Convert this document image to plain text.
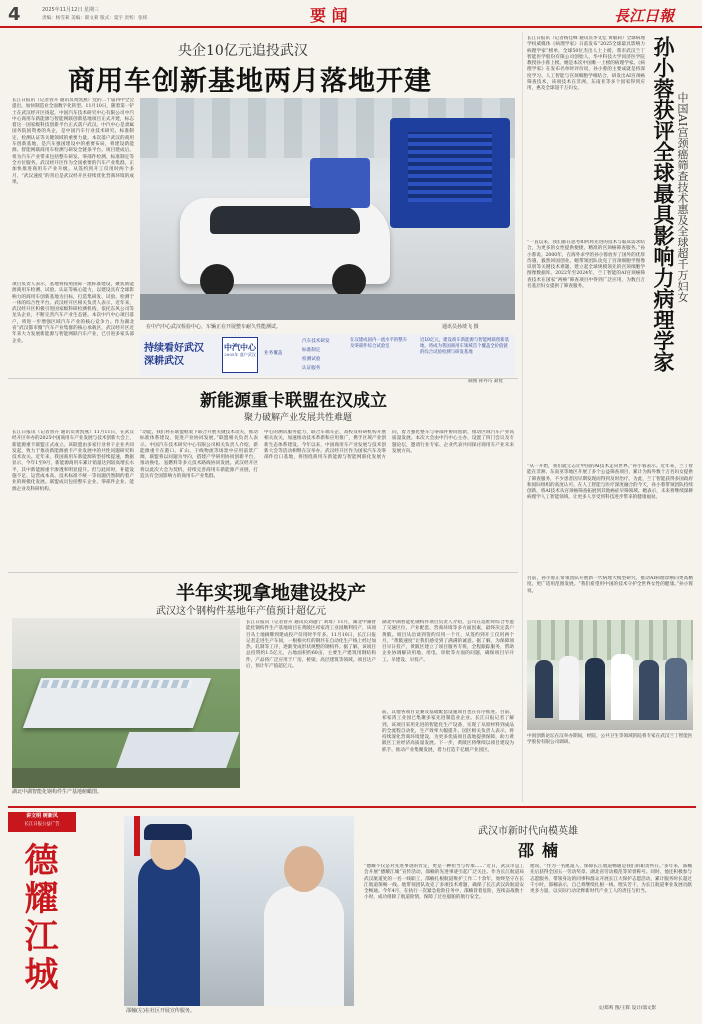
4	2025年11月12日 星期三
责编：杨雪莉 美编：职文莉 版式：夏宇 责校：张炜	要 闻	長江日報
央企10亿元追投武汉
商用车创新基地两月落地开建
长江日报讯（记者曾卉 通讯员黄凯燕）党的二十届四中全会提出，加快制造业全面数字化转型。11月10日，随着第一铲土在武汉经开区扬起，中国汽车技术研究中心有限公司中汽中心商用车新能源与智能网联创新基地项目正式开建，标志着这一国家级科技创新平台正式落户武汉。中汽中心是隶属国务院国资委的央企，是中国汽车行业技术研究、标准制定、检测认证等关键领域的重要力量。本次落户武汉的商用车创新基地，是汽车强国建设中的重要布局，将建设新能源、智能网联商用车检测与研发全链条平台。项目建成后，将为汽车产业带来包括整车研发、零部件检测、标准制定等全方位服务。武汉经开区作为全国重要的汽车产业集群，正加快推进商用车产业升级。从签约到开工仅用时两个多月，“武汉速度”的背后是武汉经开区持续优化营商环境的成果。
项目负责人表示，基地将按照国际一流标准建设，聚焦新能源商用车检测、试验、认证等核心能力，以建设具有全球影响力的商用车创新基地为目标，打造集研发、试验、检测于一体的综合性平台。武汉经开区相关负责人表示，近年来，武汉经开区积极引进国家级科研检测机构，依托东风公司等龙头企业，不断完善汽车产业生态链。本次中汽中心项目落户，将进一步增强区域汽车产业的核心竞争力。作为湖北省“武汉都市圈”汽车产业集群的核心承载区，武汉经开区近年来大力发展新能源与智能网联汽车产业，已引进多家头部企业。
在中汽中心武汉检验中心，车辆正在开展整车耐久性能测试。	通讯员孙琰飞 摄
持续看好武汉 深耕武汉
中汽中心
2005年 落户武汉 业务覆盖
汽车技术研发
标准制定
检测试验
认证服务
在汉建成国内一流水平的整车及零部件综合试验室
近10亿元，建设商车新能源与智能网联创新基地，将成为我国商用车领域首个覆盖全价值链的综合试验检测与研发基地
制图 孙丹巧 聂优
新能源重卡联盟在汉成立
聚力破解产业发展共性难题
长江日报讯（记者曾卉 通讯员黄凯燕）11月11日，在武汉经开区举办的2025中国商用车产业发展与技术创新大会上，新能源重卡联盟正式成立。该联盟由多家行业骨干企业共同发起，致力于推动新能源重卡产业发展中的共性问题研究和技术攻关。近年来，我国商用车新能源转型持续提速，数据显示，今年1至9月，新能源商用车累计销量达到较高增长水平，其中新能源重卡渗透率明显提升。但与此同时，补能设施不足、运营成本高、技术标准不统一等问题仍然制约着产业的规模化发展。联盟成员包括整车企业、零部件企业、能源企业及科研机构。
“动能，我们将在联盟框架下联合开展关键技术攻关，推动标准体系建设，促进产业协同发展。”联盟相关负责人表示。中国汽车技术研究中心有限公司相关负责人介绍，新能源重卡在港口、矿山、干线物流等场景中应用前景广阔，联盟将以问题为导向，搭建产学研用协同创新平台，推动换电、氢燃料等多元技术路线协同发展。武汉经开区将以此次大会为契机，持续完善商用车新能源产业链，打造具有全国影响力的商用车产业集群。
中心的测试服务能力，联合车端车企、高校及科研机构开展相关攻关，加速推动技术革新和应用推广，携手区域产业创新生态体系建设。今年以来，中国商用车产业发展与技术创新大会等活动相继在汉举办。武汉经开区作为国家汽车及零部件出口基地，将围绕商用车新能源与智能网联化发展方向，着力强化整车与零部件协同创新，推动区域汽车产业高质量发展。本次大会由中汽中心主办，设置了四门会议及专题论坛，邀请行业专家、企业代表共同探讨商用车产业未来发展方向。
半年实现拿地建设投产
武汉这个钢构件基地年产值预计超亿元
湖北中湖智能化钢构件生产基地俯瞰图。
长江日报讯（记者曾卉 通讯员刘越宁 刘琦）11月，湖北中湖智能化钢构件生产基地项目在黄陂区祁家湾工业园顺利投产，该项目从土地摘牌到建成投产仅用时半年多。11月10日，长江日报记者走进生产车间，一根根火红的钢坯在自动化生产线上经过加热、轧制等工序，逐渐变成形状规整的钢构件。据了解，该项目总投资约1.5亿元，占地面积约60亩，主要生产建筑用钢结构件，产品将广泛应用于厂房、桥梁、高层建筑等领域。项目达产后，预计年产值超亿元。
湖北中湖智能化钢构件项目负责人介绍，公司在选址时综合考虑了交通区位、产业配套、营商环境等多方面因素，最终决定落户黄陂。项目从洽谈到签约仅用一个月，从签约到开工仅用两个月，“黄陂速度”让我们感受到了满满的诚意。据了解，为保障项目早日投产，黄陂区建立了项目服务专班，全程跟踪服务，帮助企业协调解决用地、用电、审批等方面的问题，确保项目早开工、早建设、早投产。
前，其他各项目竞赛及基础配套设施项目也在有序推进。目前，祁家湾工业园已集聚多家先进制造业企业。长江日报记者了解到，该项目采用先进的智能化生产设备，实现了从原材料到成品的全流程自动化，生产效率大幅提升。园区相关负责人表示，将持续深化营商环境建设，为更多优质项目落地提供保障，助力黄陂区工业经济高质量发展。下一步，黄陂区将继续以项目建设为抓手，推动产业集聚发展，着力打造千亿级产业园区。
长江日报讯（记者杨佳峰 通讯员李文佳 黄敏莉）全球病理学权威媒体《病理学家》日前发布“2025全球最具影响力病理学家”榜单，全球50位杰出人士上榜，我市武汉兰丁智能医学股份有限公司创始人、华中科技大学同济医学院教授孙小蓉上榜。她是本次中国唯一上榜的病理学家。《病理学家》在发布名单时评价说，孙小蓉的主要成就是将深度学习、人工智能与宫颈细胞学相结合，研发出AI宫颈癌筛查技术，该项技术在非洲、东南亚等多个国家得到应用，惠及全球超千万妇女。
“一直以来，我们都在思考如何将先进的技术与临床需求结合，为更多的女性提供便捷、精准的宫颈癌筛查服务。”孙小蓉说。2000年，在海外求学的孙小蓉放弃了国外的优厚待遇，毅然回国创业。她带领团队攻克了宫颈细胞学图像识别等关键技术难题，建立起全球规模领先的宫颈细胞学图像数据库。2022年至2024年，兰丁智能的AI宫颈癌筛查技术在国家“两癌”筛查项目中得到广泛应用，为数百万名基层妇女提供了筛查服务。	孙小蓉获评全球最具影响力病理学家 中国AI宫颈癌筛查技术惠及全球超千万妇女
“从一开始，我们就立志让中国的AI技术走向世界。”孙小蓉表示。近年来，兰丁智能在非洲、东南亚等地区开展了多个公益筛查项目，累计为海外数十万名妇女提供了筛查服务，不少患者因早期发现而得到及时治疗。为此，兰丁智能获得多国政府和国际组织的高度认可。在人工智能与医疗深度融合的今天，孙小蓉带领团队持续创新，将AI技术从宫颈癌筛查拓展到其他癌症早筛领域。她表示，未来将继续深耕病理学人工智能领域，让更多人享受到科技进步带来的健康福祉。
目前，孙小蓉正带领团队开展新一代病理大模型研究，推动AI病理诊断向更高精度、更广适用范围发展。“我们希望用中国的技术守护全世界女性的健康。”孙小蓉说。
中国创新论坛在汉举办期间，经院、公共卫生等领域的院将专家在武汉兰丁智能医学股份有限公司调研。
讲文明 树新风
长江日报公益广告
德耀江城
邵楠(左)在社区开展宣传服务。
武汉市新时代向模英雄
邵楠
“德耀不仅是对先进事迹的肯定，更是一种担当与传承……”近日，武汉市总工会开展“德耀江城”宣传活动，邵楠的先进事迹引起广泛关注。作为长江航道局武汉航道处的一名一线职工，邵楠扎根航道维护工作二十余年，始终坚守在长江航道保畅一线。他带领团队攻克了多项技术难题，确保了长江武汉段航道安全畅通。今年4月，在执行一次紧急抢险任务中，邵楠冒着危险，连续奋战数十小时，成功排除了航道险情，保障了过往船舶的航行安全。
他说，“作为一名航道人，保障长江航道畅通是我们的职责所在。”多年来，邵楠先后获得全国五一劳动奖章、湖北省劳动模范等荣誉称号。同时，他还积极参与志愿服务，带领身边的同事和群众开展长江大保护志愿活动，累计服务时长超过千小时。邵楠表示，自己将继续扎根一线、埋头苦干，为长江航道事业发展贡献更多力量，以实际行动诠释新时代产业工人的责任与担当。
文/郑鸣 图/王辉 设计/邵文影
